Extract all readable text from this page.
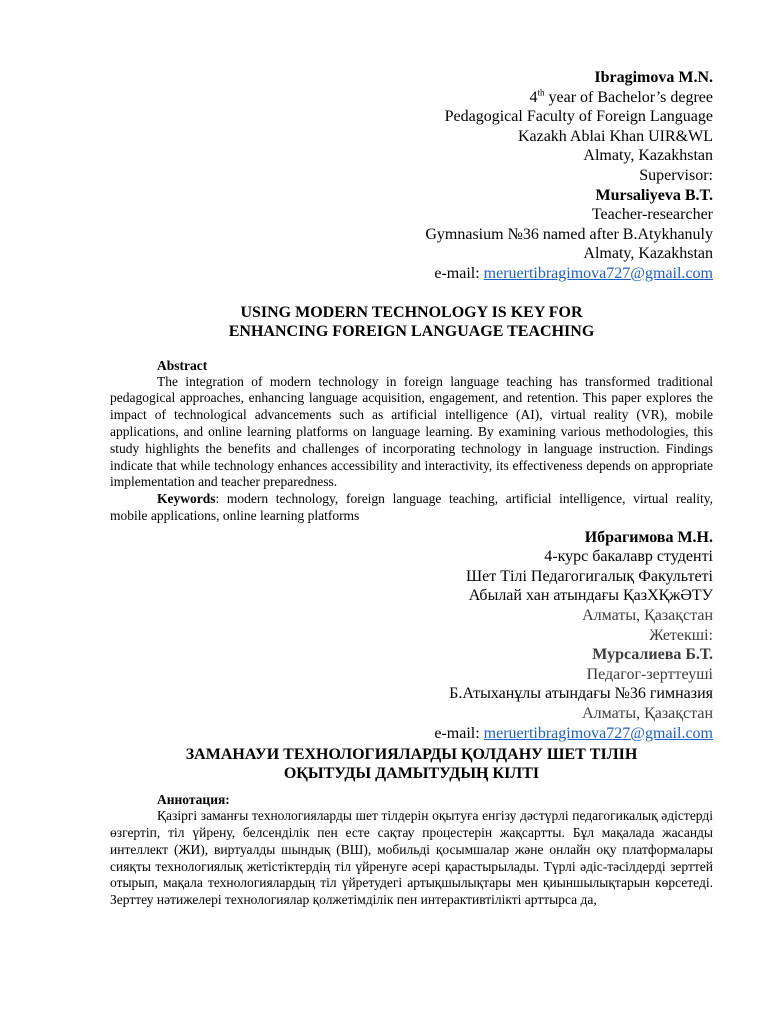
Ibragimova M.N.
4th year of Bachelor’s degree
Pedagogical Faculty of Foreign Language
Kazakh Ablai Khan UIR&WL
Almaty, Kazakhstan
Supervisor:
Mursaliyeva B.T.
Teacher-researcher
Gymnasium №36 named after B.Atykhanuly
Almaty, Kazakhstan
e-mail: meruertibragimova727@gmail.com
USING MODERN TECHNOLOGY IS KEY FOR
ENHANCING FOREIGN LANGUAGE TEACHING
Abstract

The integration of modern technology in foreign language teaching has transformed traditional pedagogical approaches, enhancing language acquisition, engagement, and retention. This paper explores the impact of technological advancements such as artificial intelligence (AI), virtual reality (VR), mobile applications, and online learning platforms on language learning. By examining various methodologies, this study highlights the benefits and challenges of incorporating technology in language instruction. Findings indicate that while technology enhances accessibility and interactivity, its effectiveness depends on appropriate implementation and teacher preparedness.

Keywords: modern technology, foreign language teaching, artificial intelligence, virtual reality, mobile applications, online learning platforms

Ибрагимова М.Н.
4-курс бакалавр студенті
Шет Тілі Педагогигалық Факультеті
Абылай хан атындағы ҚазХҚжӘТУ
Алматы, Қазақстан
Жетекші:
Мурсалиева Б.Т.
Педагог-зерттеуші
Б.Атыханұлы атындағы №36 гимназия
Алматы, Қазақстан
e-mail: meruertibragimova727@gmail.com
ЗАМАНАУИ ТЕХНОЛОГИЯЛАРДЫ ҚОЛДАНУ ШЕТ ТІЛІН
ОҚЫТУДЫ ДАМЫТУДЫҢ КІЛТІ
Аннотация:

Қазіргі заманғы технологияларды шет тілдерін оқытуға енгізу дәстүрлі педагогикалық әдістерді өзгертіп, тіл үйрену, белсенділік пен есте сақтау процестерін жақсартты. Бұл мақалада жасанды интеллект (ЖИ), виртуалды шындық (ВШ), мобильді қосымшалар және онлайн оқу платформалары сияқты технологиялық жетістіктердің тіл үйренуге әсері қарастырылады. Түрлі әдіс-тәсілдерді зерттей отырып, мақала технологиялардың тіл үйретудегі артықшылықтары мен қиыншылықтарын көрсетеді. Зерттеу нәтижелері технологиялар қолжетімділік пен интерактивтілікті арттырса да,
